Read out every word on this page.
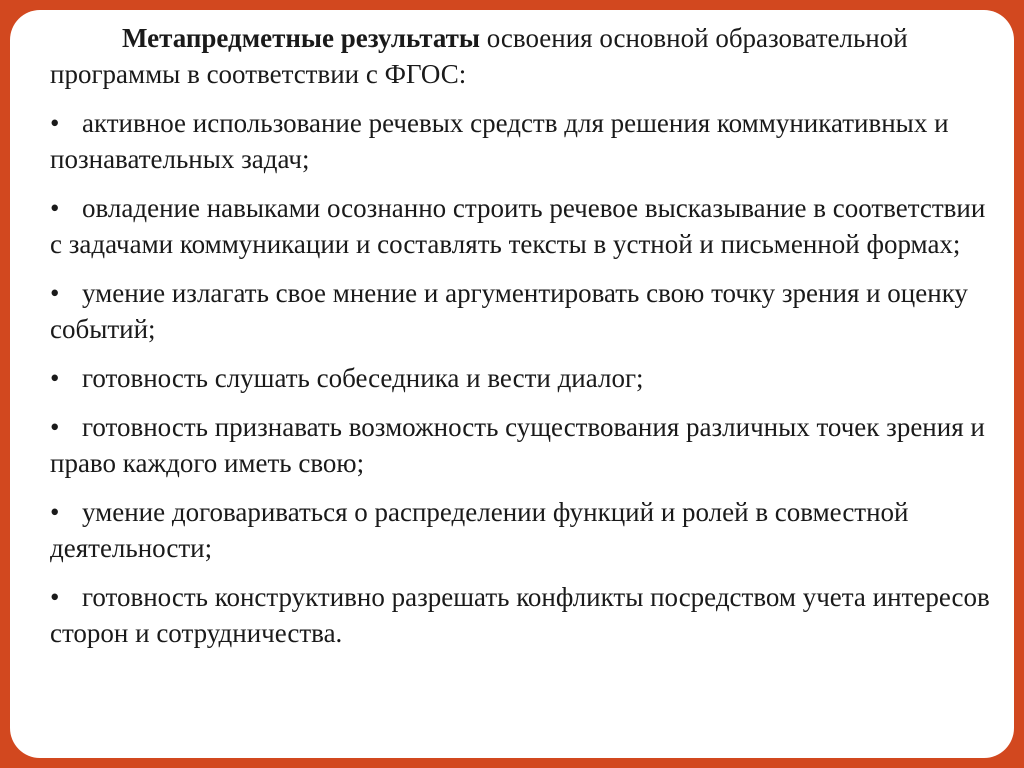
Метапредметные результаты освоения основной образовательной программы в соответствии с ФГОС:

• активное использование речевых средств для решения коммуникативных и познавательных задач;
• овладение навыками осознанно строить речевое высказывание в соответствии с задачами коммуникации и составлять тексты в устной и письменной формах;
• умение излагать свое мнение и аргументировать свою точку зрения и оценку событий;
• готовность слушать собеседника и вести диалог;
• готовность признавать возможность существования различных точек зрения и право каждого иметь свою;
• умение договариваться о распределении функций и ролей в совместной деятельности;
• готовность конструктивно разрешать конфликты посредством учета интересов сторон и сотрудничества.
